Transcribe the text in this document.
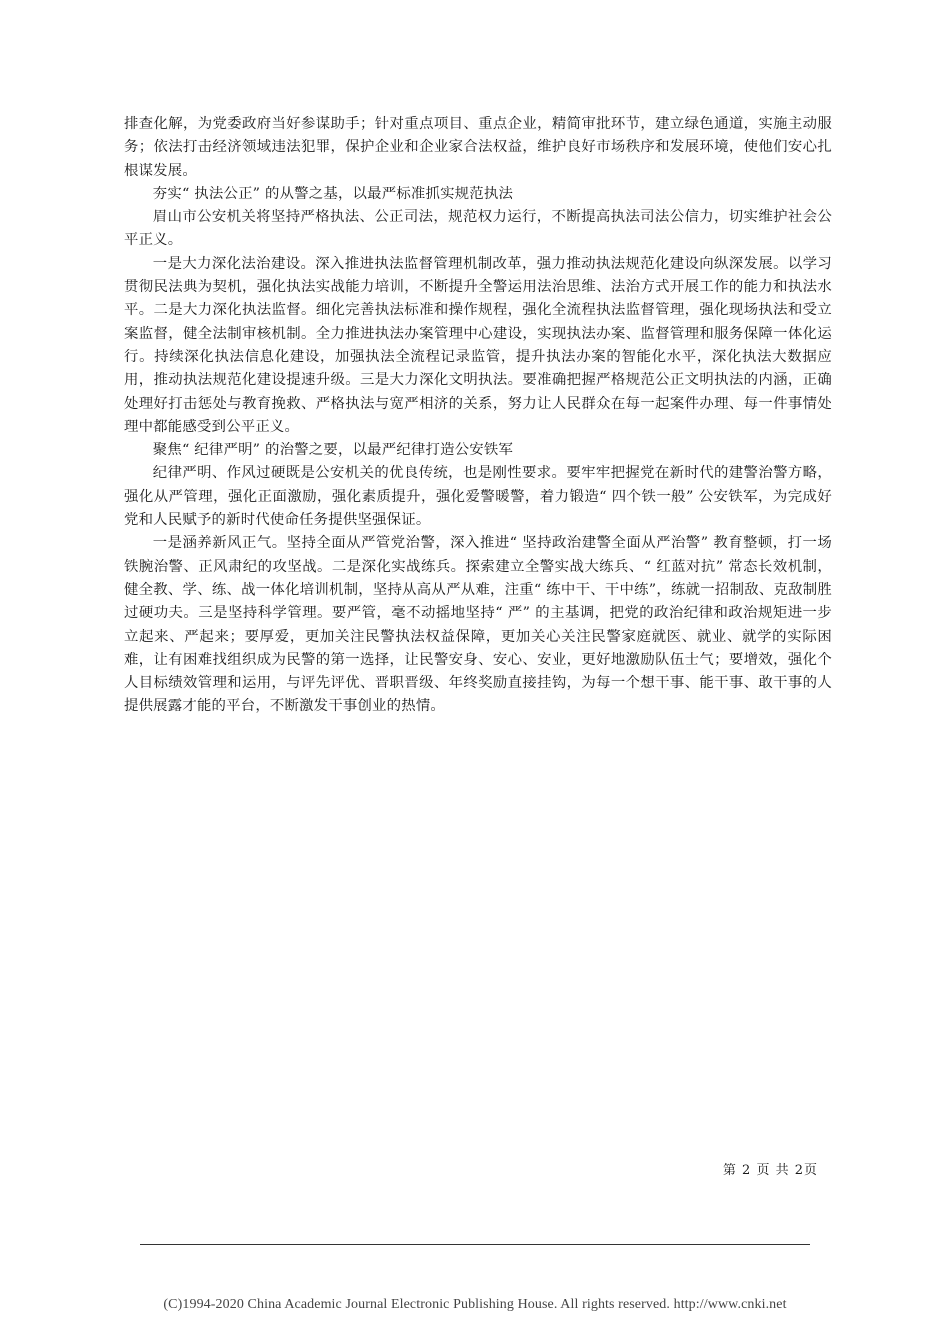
排查化解，为党委政府当好参谋助手；针对重点项目、重点企业，精简审批环节，建立绿色通道，实施主动服务；依法打击经济领域违法犯罪，保护企业和企业家合法权益，维护良好市场秩序和发展环境，使他们安心扎根谋发展。

夯实“ 执法公正” 的从警之基，以最严标准抓实规范执法

眉山市公安机关将坚持严格执法、公正司法，规范权力运行，不断提高执法司法公信力，切实维护社会公平正义。

一是大力深化法治建设。深入推进执法监督管理机制改革，强力推动执法规范化建设向纵深发展。以学习贯彻民法典为契机，强化执法实战能力培训，不断提升全警运用法治思维、法治方式开展工作的能力和执法水平。二是大力深化执法监督。细化完善执法标准和操作规程，强化全流程执法监督管理，强化现场执法和受立案监督，健全法制审核机制。全力推进执法办案管理中心建设，实现执法办案、监督管理和服务保障一体化运行。持续深化执法信息化建设，加强执法全流程记录监管，提升执法办案的智能化水平，深化执法大数据应用，推动执法规范化建设提速升级。三是大力深化文明执法。要准确把握严格规范公正文明执法的内涵，正确处理好打击惩处与教育挽救、严格执法与宽严相济的关系，努力让人民群众在每一起案件办理、每一件事情处理中都能感受到公平正义。

聚焦“ 纪律严明” 的治警之要，以最严纪律打造公安铁军

纪律严明、作风过硬既是公安机关的优良传统，也是刚性要求。要牢牢把握党在新时代的建警治警方略，强化从严管理，强化正面激励，强化素质提升，强化爱警暖警，着力锻造“ 四个铁一般” 公安铁军，为完成好党和人民赋予的新时代使命任务提供坚强保证。

一是涵养新风正气。坚持全面从严管党治警，深入推进“ 坚持政治建警全面从严治警” 教育整顿，打一场铁腕治警、正风肃纪的攻坚战。二是深化实战练兵。探索建立全警实战大练兵、“ 红蓝对抗” 常态长效机制，健全教、学、练、战一体化培训机制，坚持从高从严从难，注重“ 练中干、干中练”，练就一招制敌、克敌制胜过硬功夫。三是坚持科学管理。要严管，毫不动摇地坚持“ 严” 的主基调，把党的政治纪律和政治规矩进一步立起来、严起来；要厚爱，更加关注民警执法权益保障，更加关心关注民警家庭就医、就业、就学的实际困难，让有困难找组织成为民警的第一选择，让民警安身、安心、安业，更好地激励队伍士气；要增效，强化个人目标绩效管理和运用，与评先评优、晋职晋级、年终奖励直接挂钩，为每一个想干事、能干事、敢干事的人提供展露才能的平台，不断激发干事创业的热情。

第 2 页 共 2页
(C)1994-2020 China Academic Journal Electronic Publishing House. All rights reserved. http://www.cnki.net
